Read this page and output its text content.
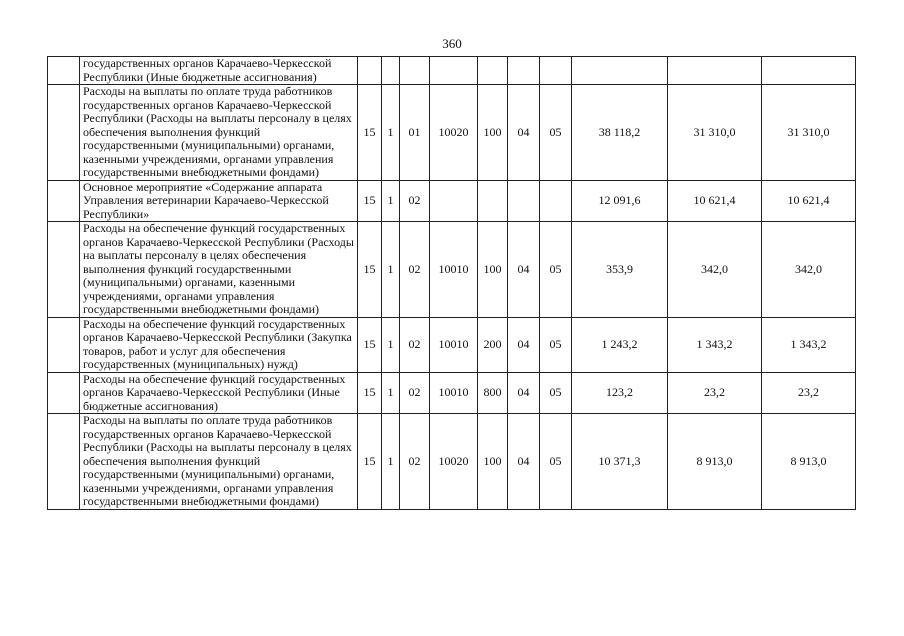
360
	государственных органов Карачаево-Черкесской Республики (Иные бюджетные ассигнования)										
	Расходы на выплаты по оплате труда работников государственных органов Карачаево-Черкесской Республики (Расходы на выплаты персоналу в целях обеспечения выполнения функций государственными (муниципальными) органами, казенными учреждениями, органами управления государственными внебюджетными фондами)	15	1	01	10020	100	04	05	38 118,2	31 310,0	31 310,0
	Основное мероприятие «Содержание аппарата Управления ветеринарии Карачаево-Черкесской Республики»	15	1	02					12 091,6	10 621,4	10 621,4
	Расходы на обеспечение функций государственных органов Карачаево-Черкесской Республики (Расходы на выплаты персоналу в целях обеспечения выполнения функций государственными (муниципальными) органами, казенными учреждениями, органами управления государственными внебюджетными фондами)	15	1	02	10010	100	04	05	353,9	342,0	342,0
	Расходы на обеспечение функций государственных органов Карачаево-Черкесской Республики (Закупка товаров, работ и услуг для обеспечения государственных (муниципальных) нужд)	15	1	02	10010	200	04	05	1 243,2	1 343,2	1 343,2
	Расходы на обеспечение функций государственных органов Карачаево-Черкесской Республики (Иные бюджетные ассигнования)	15	1	02	10010	800	04	05	123,2	23,2	23,2
	Расходы на выплаты по оплате труда работников государственных органов Карачаево-Черкесской Республики (Расходы на выплаты персоналу в целях обеспечения выполнения функций государственными (муниципальными) органами, казенными учреждениями, органами управления государственными внебюджетными фондами)	15	1	02	10020	100	04	05	10 371,3	8 913,0	8 913,0
